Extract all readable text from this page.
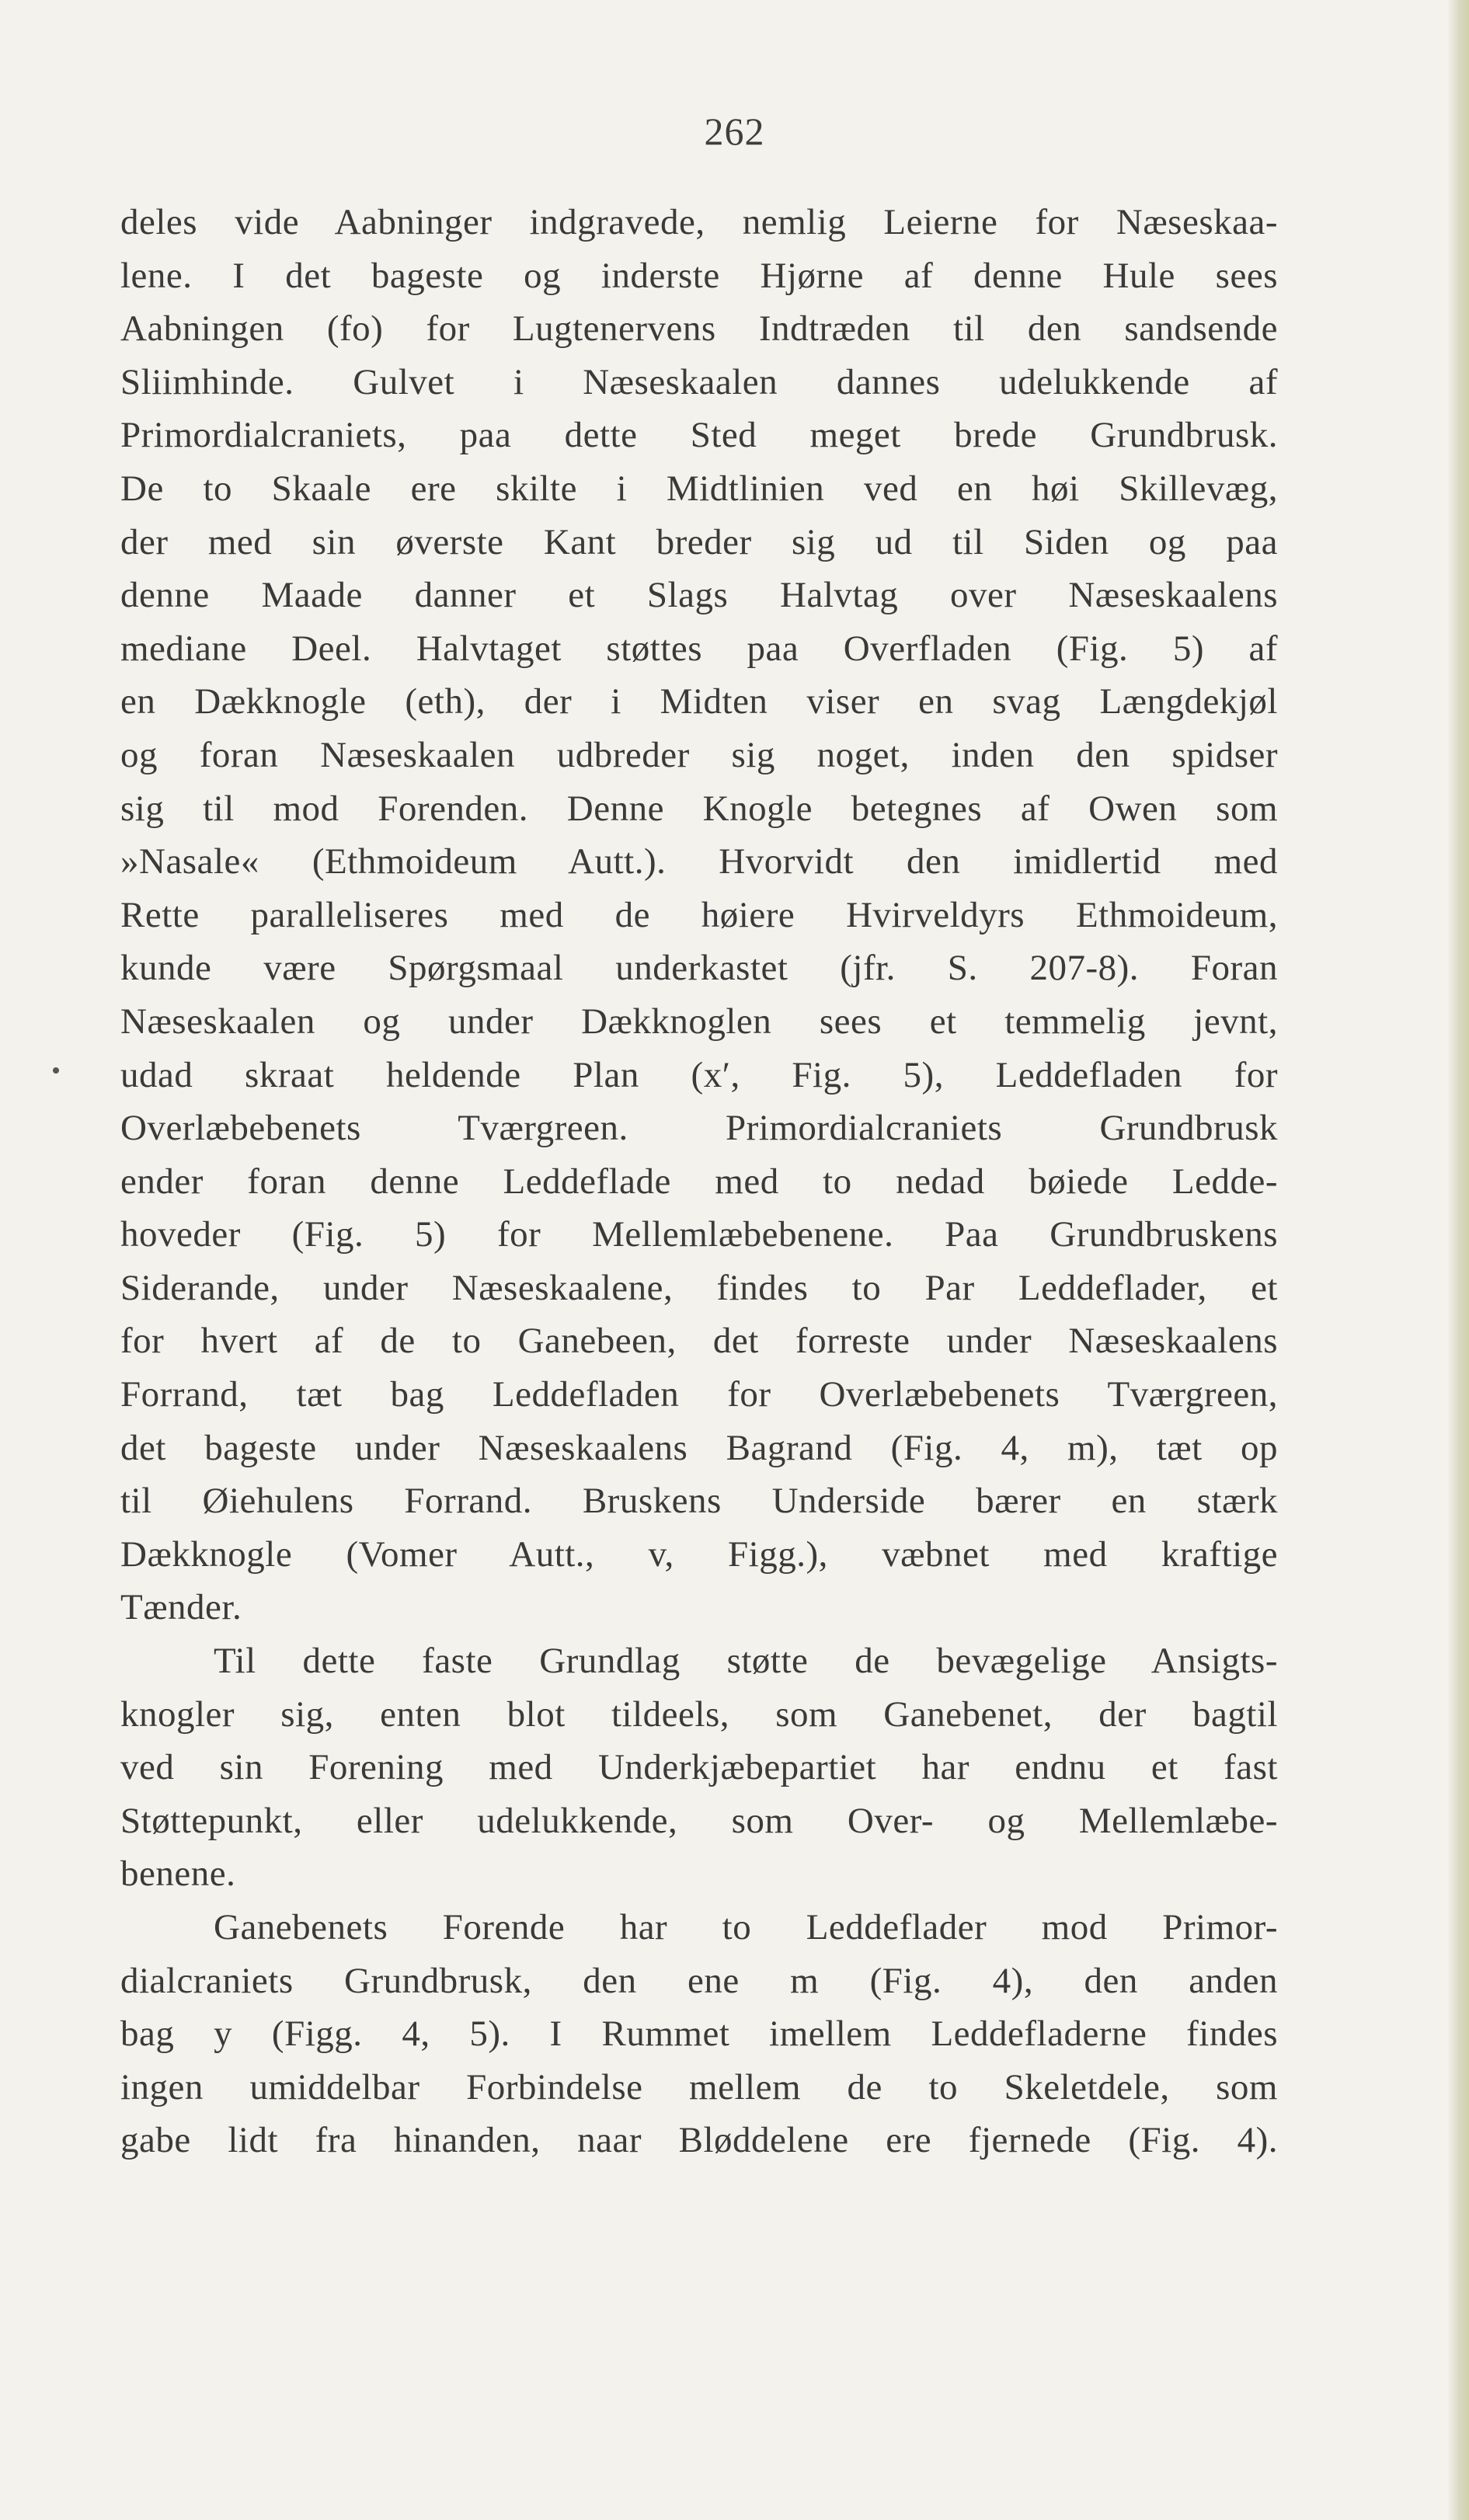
262
deles vide Aabninger indgravede, nemlig Leierne for Næseskaa-
lene. I det bageste og inderste Hjørne af denne Hule sees
Aabningen (fo) for Lugtenervens Indtræden til den sandsende
Sliimhinde. Gulvet i Næseskaalen dannes udelukkende af
Primordialcraniets, paa dette Sted meget brede Grundbrusk.
De to Skaale ere skilte i Midtlinien ved en høi Skillevæg,
der med sin øverste Kant breder sig ud til Siden og paa
denne Maade danner et Slags Halvtag over Næseskaalens
mediane Deel. Halvtaget støttes paa Overfladen (Fig. 5) af
en Dækknogle (eth), der i Midten viser en svag Længdekjøl
og foran Næseskaalen udbreder sig noget, inden den spidser
sig til mod Forenden. Denne Knogle betegnes af Owen som
»Nasale« (Ethmoideum Autt.). Hvorvidt den imidlertid med
Rette paralleliseres med de høiere Hvirveldyrs Ethmoideum,
kunde være Spørgsmaal underkastet (jfr. S. 207-8). Foran
Næseskaalen og under Dækknoglen sees et temmelig jevnt,
udad skraat heldende Plan (x′, Fig. 5), Leddefladen for
Overlæbebenets Tværgreen. Primordialcraniets Grundbrusk
ender foran denne Leddeflade med to nedad bøiede Ledde-
hoveder (Fig. 5) for Mellemlæbebenene. Paa Grundbruskens
Siderande, under Næseskaalene, findes to Par Leddeflader, et
for hvert af de to Ganebeen, det forreste under Næseskaalens
Forrand, tæt bag Leddefladen for Overlæbebenets Tværgreen,
det bageste under Næseskaalens Bagrand (Fig. 4, m), tæt op
til Øiehulens Forrand. Bruskens Underside bærer en stærk
Dækknogle (Vomer Autt., v, Figg.), væbnet med kraftige
Tænder.
Til dette faste Grundlag støtte de bevægelige Ansigts-
knogler sig, enten blot tildeels, som Ganebenet, der bagtil
ved sin Forening med Underkjæbepartiet har endnu et fast
Støttepunkt, eller udelukkende, som Over- og Mellemlæbe-
benene.
Ganebenets Forende har to Leddeflader mod Primor-
dialcraniets Grundbrusk, den ene m (Fig. 4), den anden
bag y (Figg. 4, 5). I Rummet imellem Leddefladerne findes
ingen umiddelbar Forbindelse mellem de to Skeletdele, som
gabe lidt fra hinanden, naar Bløddelene ere fjernede (Fig. 4).
